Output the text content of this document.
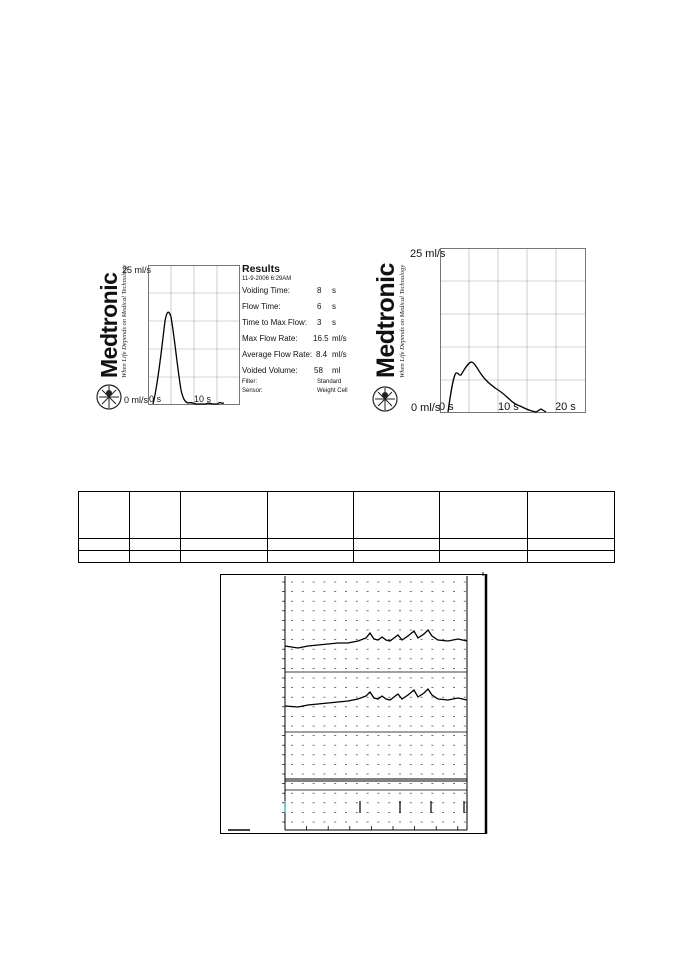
Medtronic When Life Depends on Medical Technology
25 ml/s
0 ml/s 0 s	10 s
Results
11-9-2006 6:29AM
Voiding Time:	8 s
Flow Time:	6 s
Time to Max Flow: 3 s
Max Flow Rate: 16.5 ml/s
Average Flow Rate: 8.4 ml/s
Voided Volume: 58 ml
Filter:	Standard
Sensor:	Weight Cell
Medtronic When Life Depends on Medical Technology
25 ml/s
0 ml/s
0 s	10 s	20 s
